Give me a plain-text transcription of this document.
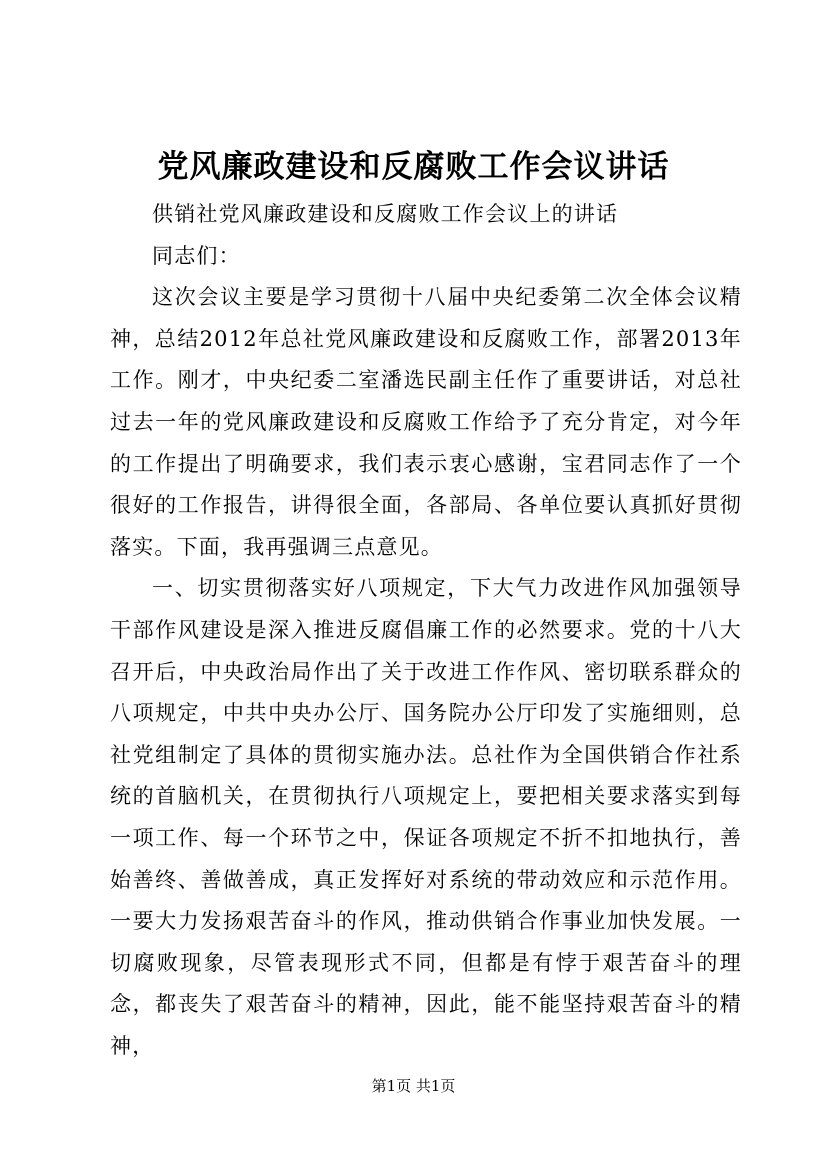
党风廉政建设和反腐败工作会议讲话

供销社党风廉政建设和反腐败工作会议上的讲话

同志们：

这次会议主要是学习贯彻十八届中央纪委第二次全体会议精神，总结2012年总社党风廉政建设和反腐败工作，部署2013年工作。刚才，中央纪委二室潘选民副主任作了重要讲话，对总社过去一年的党风廉政建设和反腐败工作给予了充分肯定，对今年的工作提出了明确要求，我们表示衷心感谢，宝君同志作了一个很好的工作报告，讲得很全面，各部局、各单位要认真抓好贯彻落实。下面，我再强调三点意见。

一、切实贯彻落实好八项规定，下大气力改进作风加强领导干部作风建设是深入推进反腐倡廉工作的必然要求。党的十八大召开后，中央政治局作出了关于改进工作作风、密切联系群众的八项规定，中共中央办公厅、国务院办公厅印发了实施细则，总社党组制定了具体的贯彻实施办法。总社作为全国供销合作社系统的首脑机关，在贯彻执行八项规定上，要把相关要求落实到每一项工作、每一个环节之中，保证各项规定不折不扣地执行，善始善终、善做善成，真正发挥好对系统的带动效应和示范作用。一要大力发扬艰苦奋斗的作风，推动供销合作事业加快发展。一切腐败现象，尽管表现形式不同，但都是有悖于艰苦奋斗的理念，都丧失了艰苦奋斗的精神，因此，能不能坚持艰苦奋斗的精神，

第1页 共1页
